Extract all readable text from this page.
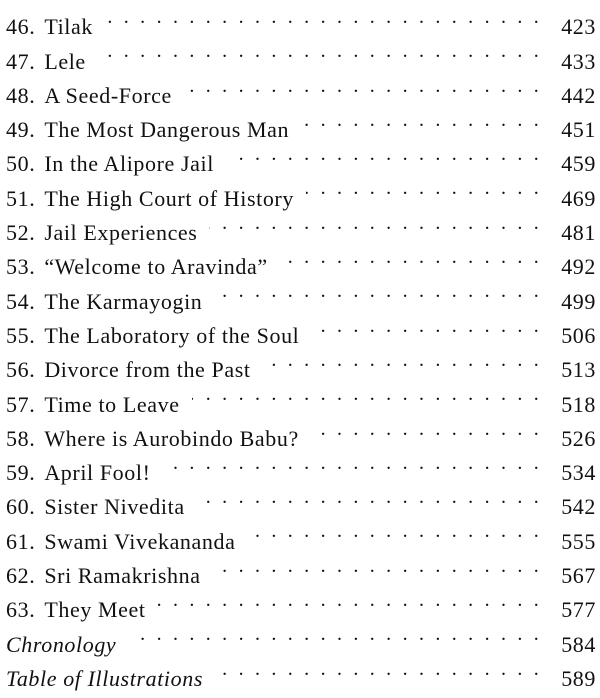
46. Tilak . . .	423
47. Lele . . .	433
48. A Seed-Force . . .	442
49. The Most Dangerous Man . . .	451
50. In the Alipore Jail . . .	459
51. The High Court of History . . .	469
52. Jail Experiences . . .	481
53. “Welcome to Aravinda” . . .	492
54. The Karmayogin . . .	499
55. The Laboratory of the Soul . . .	506
56. Divorce from the Past . . .	513
57. Time to Leave . . .	518
58. Where is Aurobindo Babu? . . .	526
59. April Fool! . . .	534
60. Sister Nivedita . . .	542
61. Swami Vivekananda . . .	555
62. Sri Ramakrishna . . .	567
63. They Meet . . .	577
Chronology . . .	584
Table of Illustrations . . .	589
